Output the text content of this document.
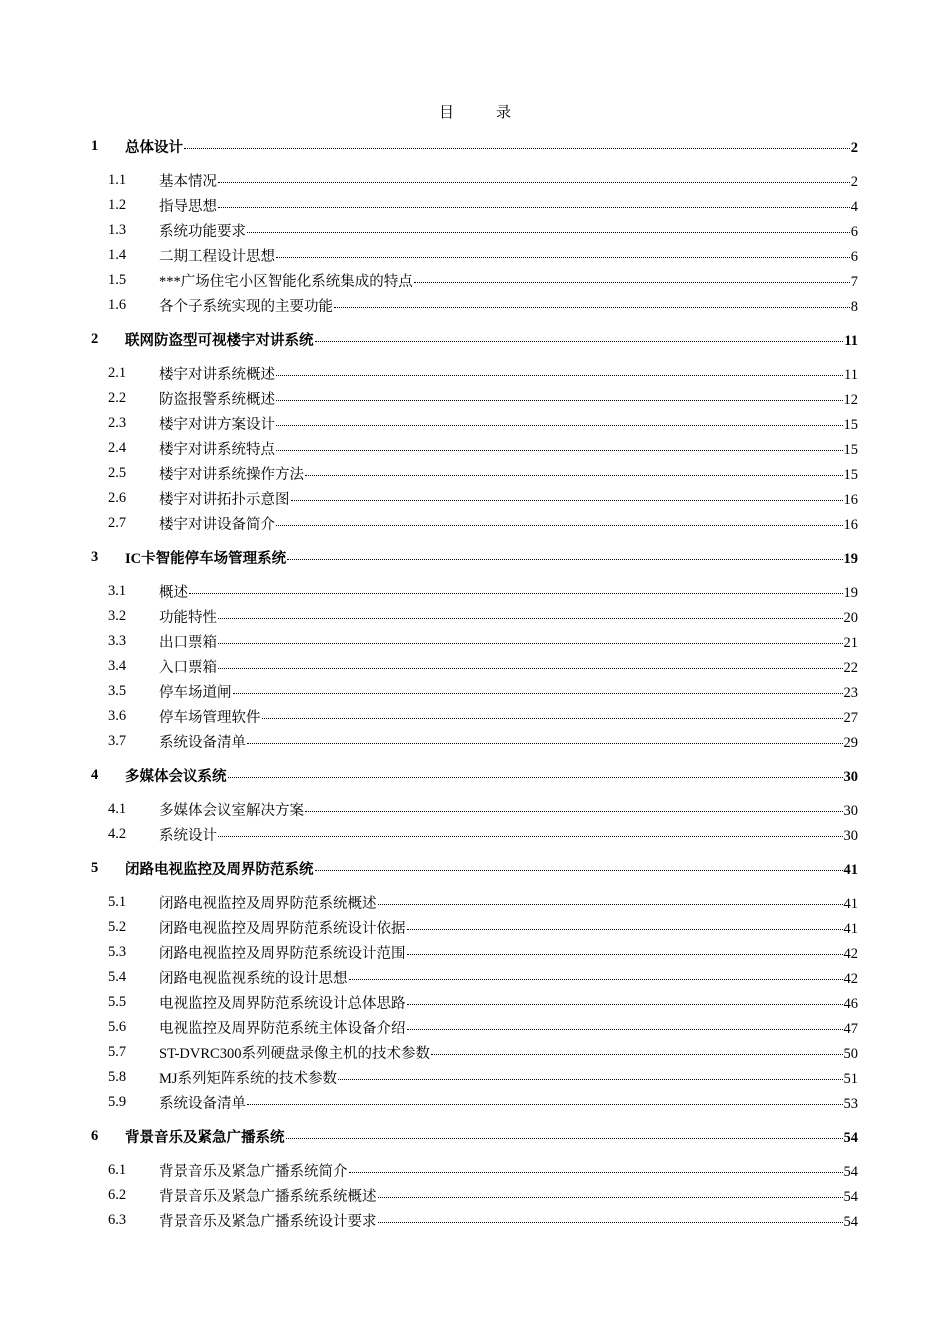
目	录
1 总体设计	2
1.1 基本情况	2
1.2 指导思想	4
1.3 系统功能要求	6
1.4 二期工程设计思想	6
1.5 ***广场住宅小区智能化系统集成的特点	7
1.6 各个子系统实现的主要功能	8
2 联网防盗型可视楼宇对讲系统	11
2.1 楼宇对讲系统概述	11
2.2 防盗报警系统概述	12
2.3 楼宇对讲方案设计	15
2.4 楼宇对讲系统特点	15
2.5 楼宇对讲系统操作方法	15
2.6 楼宇对讲拓扑示意图	16
2.7 楼宇对讲设备简介	16
3 IC卡智能停车场管理系统	19
3.1 概述	19
3.2 功能特性	20
3.3 出口票箱	21
3.4 入口票箱	22
3.5 停车场道闸	23
3.6 停车场管理软件	27
3.7 系统设备清单	29
4 多媒体会议系统	30
4.1 多媒体会议室解决方案	30
4.2 系统设计	30
5 闭路电视监控及周界防范系统	41
5.1 闭路电视监控及周界防范系统概述	41
5.2 闭路电视监控及周界防范系统设计依据	41
5.3 闭路电视监控及周界防范系统设计范围	42
5.4 闭路电视监视系统的设计思想	42
5.5 电视监控及周界防范系统设计总体思路	46
5.6 电视监控及周界防范系统主体设备介绍	47
5.7 ST-DVRC300系列硬盘录像主机的技术参数	50
5.8 MJ系列矩阵系统的技术参数	51
5.9 系统设备清单	53
6 背景音乐及紧急广播系统	54
6.1 背景音乐及紧急广播系统简介	54
6.2 背景音乐及紧急广播系统系统概述	54
6.3 背景音乐及紧急广播系统设计要求	54
